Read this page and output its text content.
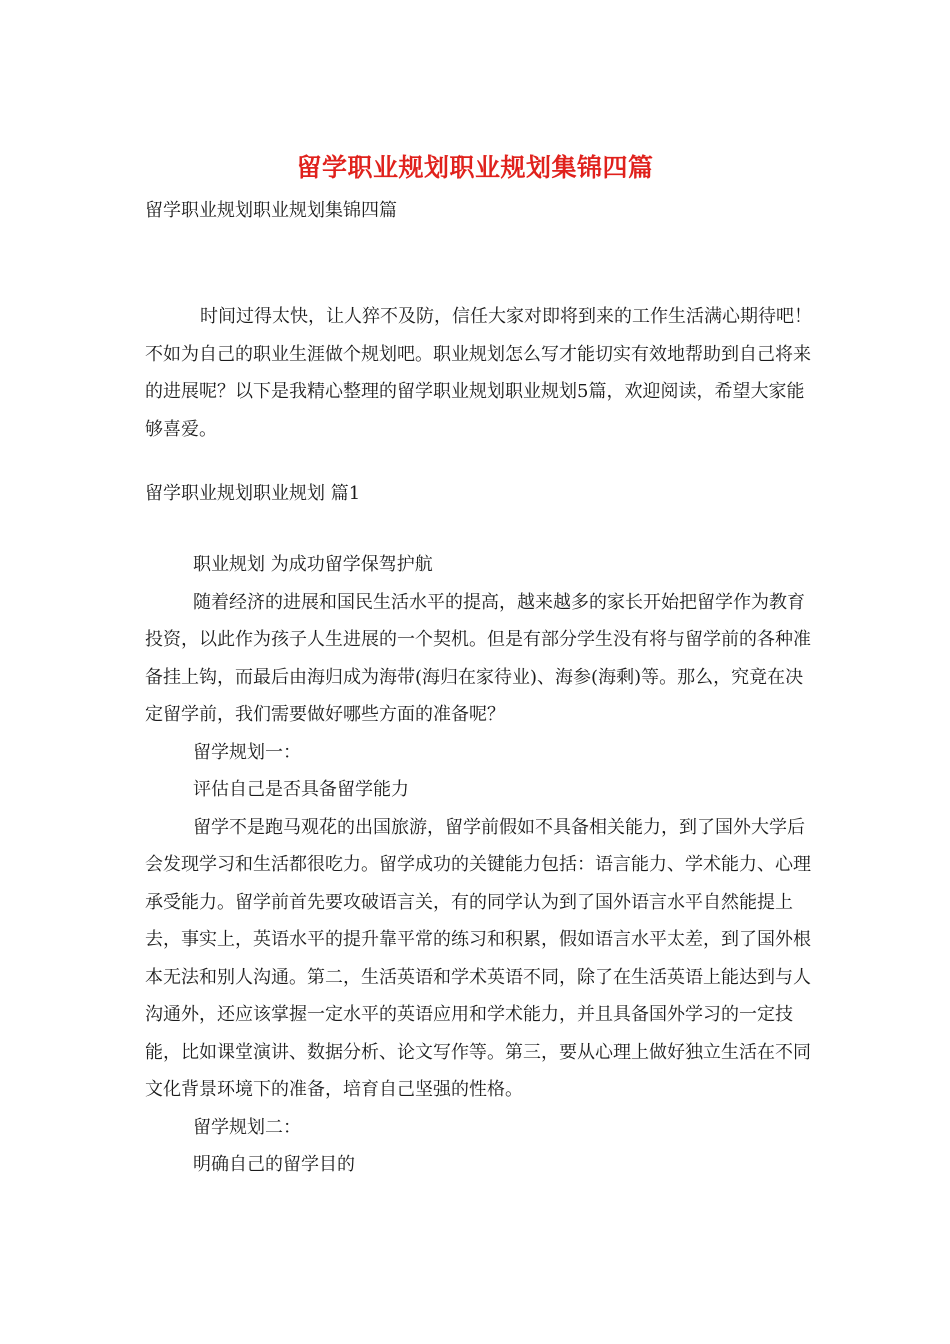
留学职业规划职业规划集锦四篇
留学职业规划职业规划集锦四篇

时间过得太快，让人猝不及防，信任大家对即将到来的工作生活满心期待吧！不如为自己的职业生涯做个规划吧。职业规划怎么写才能切实有效地帮助到自己将来的进展呢？以下是我精心整理的留学职业规划职业规划5篇，欢迎阅读，希望大家能够喜爱。

留学职业规划职业规划 篇1

职业规划 为成功留学保驾护航

随着经济的进展和国民生活水平的提高，越来越多的家长开始把留学作为教育投资，以此作为孩子人生进展的一个契机。但是有部分学生没有将与留学前的各种准备挂上钩，而最后由海归成为海带(海归在家待业)、海参(海剩)等。那么，究竟在决定留学前，我们需要做好哪些方面的准备呢？

留学规划一：

评估自己是否具备留学能力

留学不是跑马观花的出国旅游，留学前假如不具备相关能力，到了国外大学后会发现学习和生活都很吃力。留学成功的关键能力包括：语言能力、学术能力、心理承受能力。留学前首先要攻破语言关，有的同学认为到了国外语言水平自然能提上去，事实上，英语水平的提升靠平常的练习和积累，假如语言水平太差，到了国外根本无法和别人沟通。第二，生活英语和学术英语不同，除了在生活英语上能达到与人沟通外，还应该掌握一定水平的英语应用和学术能力，并且具备国外学习的一定技能，比如课堂演讲、数据分析、论文写作等。第三，要从心理上做好独立生活在不同文化背景环境下的准备，培育自己坚强的性格。

留学规划二：

明确自己的留学目的
